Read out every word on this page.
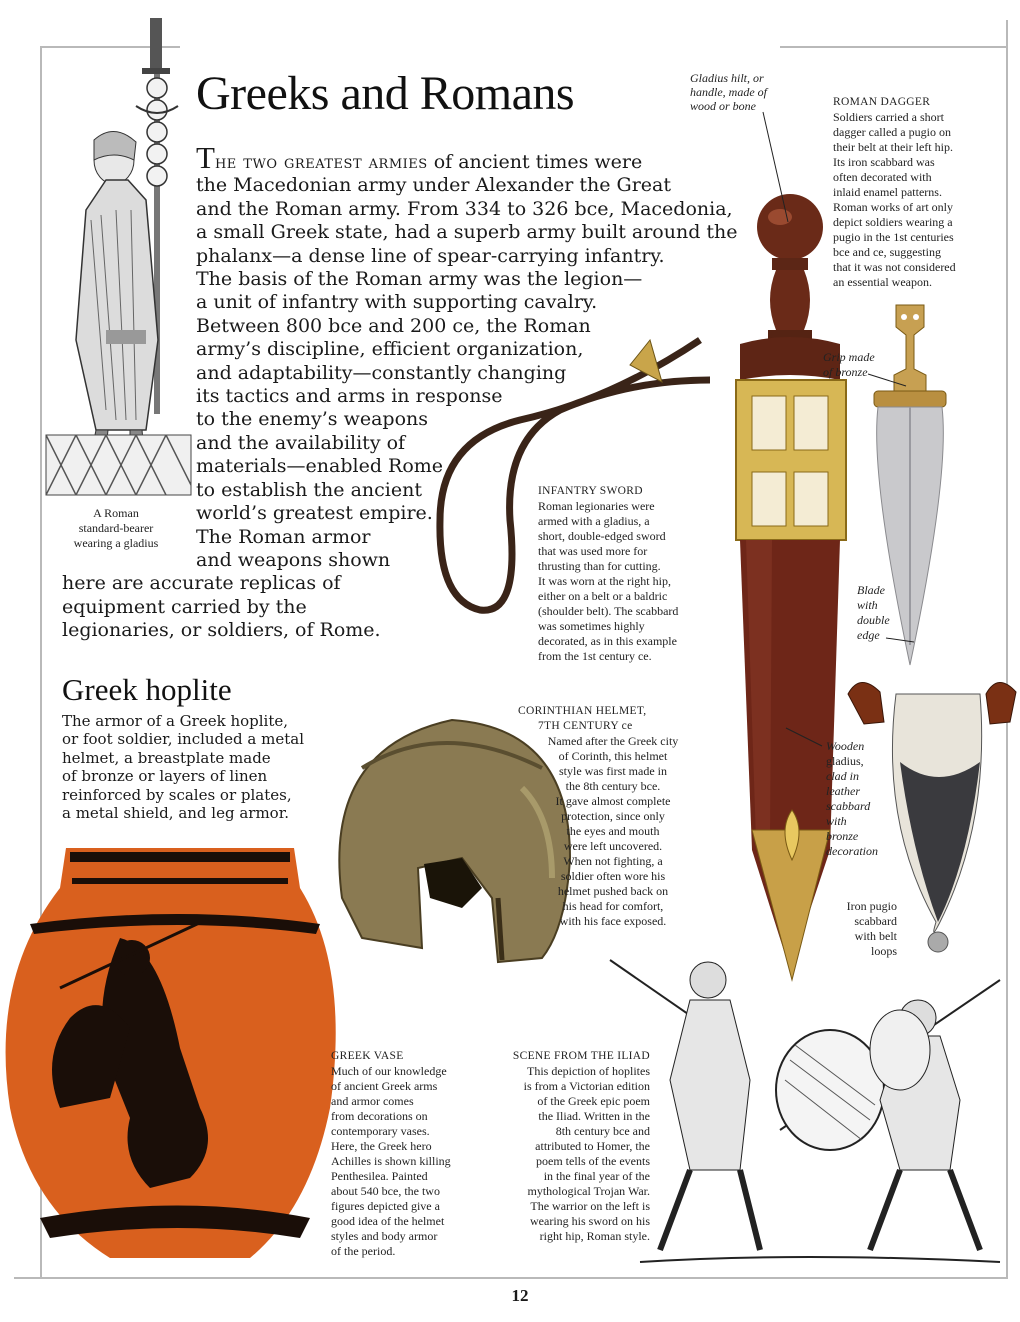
Greeks and Romans
The two greatest armies of ancient times were
the Macedonian army under Alexander the Great
and the Roman army. From 334 to 326 bce, Macedonia,
a small Greek state, had a superb army built around the
phalanx—a dense line of spear-carrying infantry.
The basis of the Roman army was the legion—
a unit of infantry with supporting cavalry.
Between 800 bce and 200 ce, the Roman
army’s discipline, efficient organization,
and adaptability—constantly changing
its tactics and arms in response
to the enemy’s weapons
and the availability of
materials—enabled Rome
to establish the ancient
world’s greatest empire.
The Roman armor
and weapons shown
here are accurate replicas of
equipment carried by the
legionaries, or soldiers, of Rome.
Greek hoplite
The armor of a Greek hoplite,
or foot soldier, included a metal
helmet, a breastplate made
of bronze or layers of linen
reinforced by scales or plates,
a metal shield, and leg armor.
A Roman
standard-bearer
wearing a gladius
Gladius hilt, or
handle, made of
wood or bone	ROMAN DAGGER
Soldiers carried a short
dagger called a pugio on
their belt at their left hip.
Its iron scabbard was
often decorated with
inlaid enamel patterns.
Roman works of art only
depict soldiers wearing a
pugio in the 1st centuries
bce and ce, suggesting
that it was not considered
an essential weapon.
Grip made
of bronze
Blade
with
double
edge
INFANTRY SWORD
Roman legionaries were
armed with a gladius, a
short, double-edged sword
that was used more for
thrusting than for cutting.
It was worn at the right hip,
either on a belt or a baldric
(shoulder belt). The scabbard
was sometimes highly
decorated, as in this example
from the 1st century ce.
CORINTHIAN HELMET,
7TH CENTURY ce
Named after the Greek city
of Corinth, this helmet
style was first made in
the 8th century bce.
It gave almost complete
protection, since only
the eyes and mouth
were left uncovered.
When not fighting, a
soldier often wore his
helmet pushed back on
his head for comfort,
with his face exposed.
Wooden
gladius,
clad in
leather
scabbard
with
bronze
decoration
Iron pugio
scabbard
with belt
loops
GREEK VASE
Much of our knowledge
of ancient Greek arms
and armor comes
from decorations on
contemporary vases.
Here, the Greek hero
Achilles is shown killing
Penthesilea. Painted
about 540 bce, the two
figures depicted give a
good idea of the helmet
styles and body armor
of the period.
SCENE FROM THE ILIAD
This depiction of hoplites
is from a Victorian edition
of the Greek epic poem
the Iliad. Written in the
8th century bce and
attributed to Homer, the
poem tells of the events
in the final year of the
mythological Trojan War.
The warrior on the left is
wearing his sword on his
right hip, Roman style.
12
